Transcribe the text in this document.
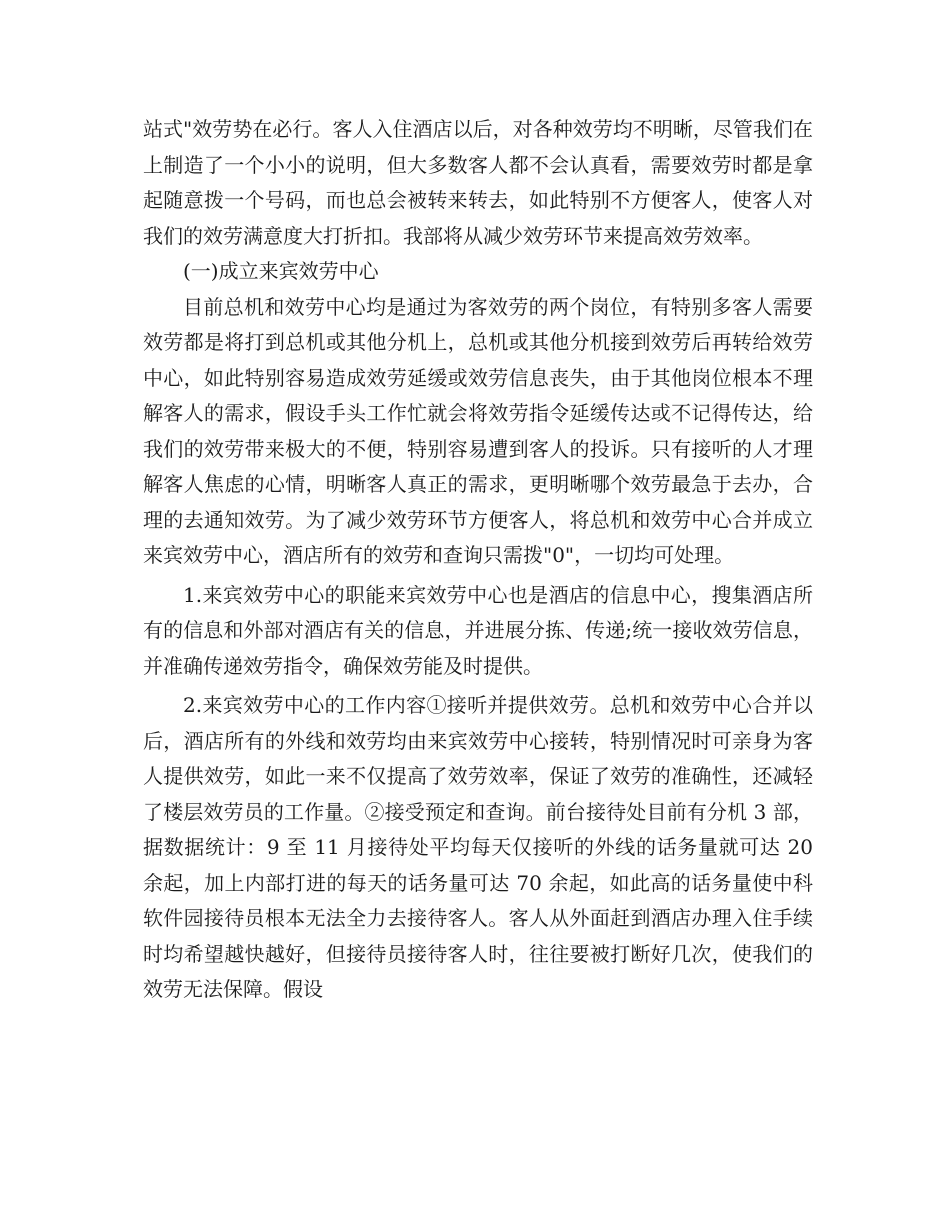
站式"效劳势在必行。客人入住酒店以后，对各种效劳均不明晰，尽管我们在上制造了一个小小的说明，但大多数客人都不会认真看，需要效劳时都是拿起随意拨一个号码，而也总会被转来转去，如此特别不方便客人，使客人对我们的效劳满意度大打折扣。我部将从减少效劳环节来提高效劳效率。

(一)成立来宾效劳中心

目前总机和效劳中心均是通过为客效劳的两个岗位，有特别多客人需要效劳都是将打到总机或其他分机上，总机或其他分机接到效劳后再转给效劳中心，如此特别容易造成效劳延缓或效劳信息丧失，由于其他岗位根本不理解客人的需求，假设手头工作忙就会将效劳指令延缓传达或不记得传达，给我们的效劳带来极大的不便，特别容易遭到客人的投诉。只有接听的人才理解客人焦虑的心情，明晰客人真正的需求，更明晰哪个效劳最急于去办，合理的去通知效劳。为了减少效劳环节方便客人，将总机和效劳中心合并成立来宾效劳中心，酒店所有的效劳和查询只需拨"0"，一切均可处理。

1.来宾效劳中心的职能来宾效劳中心也是酒店的信息中心，搜集酒店所有的信息和外部对酒店有关的信息，并进展分拣、传递;统一接收效劳信息，并准确传递效劳指令，确保效劳能及时提供。

2.来宾效劳中心的工作内容①接听并提供效劳。总机和效劳中心合并以后，酒店所有的外线和效劳均由来宾效劳中心接转，特别情况时可亲身为客人提供效劳，如此一来不仅提高了效劳效率，保证了效劳的准确性，还减轻了楼层效劳员的工作量。②接受预定和查询。前台接待处目前有分机 3 部，据数据统计：9 至 11 月接待处平均每天仅接听的外线的话务量就可达 20 余起，加上内部打进的每天的话务量可达 70 余起，如此高的话务量使中科软件园接待员根本无法全力去接待客人。客人从外面赶到酒店办理入住手续时均希望越快越好，但接待员接待客人时，往往要被打断好几次，使我们的效劳无法保障。假设
